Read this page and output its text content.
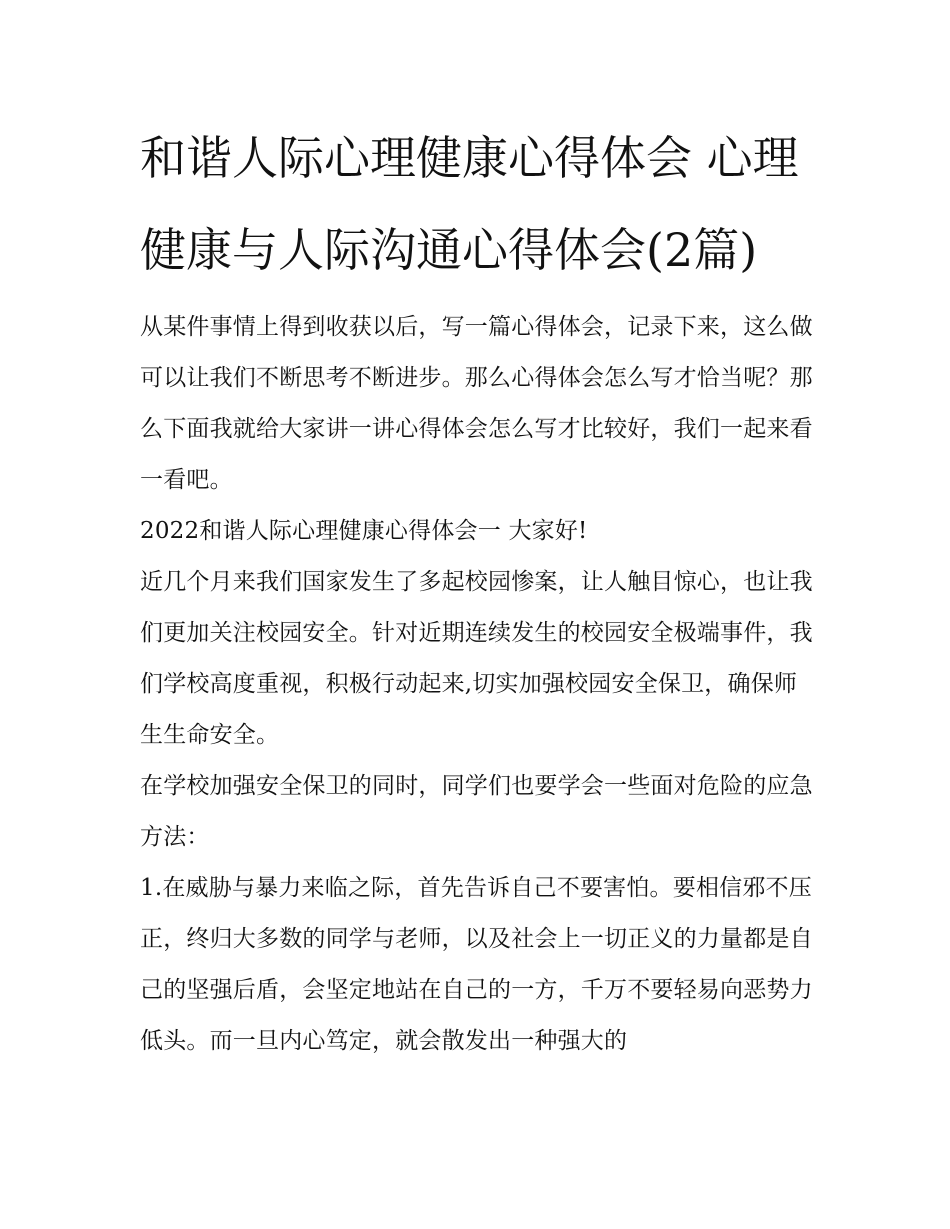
和谐人际心理健康心得体会 心理健康与人际沟通心得体会(2篇)

从某件事情上得到收获以后，写一篇心得体会，记录下来，这么做可以让我们不断思考不断进步。那么心得体会怎么写才恰当呢？那么下面我就给大家讲一讲心得体会怎么写才比较好，我们一起来看一看吧。

2022和谐人际心理健康心得体会一 大家好!

近几个月来我们国家发生了多起校园惨案，让人触目惊心，也让我们更加关注校园安全。针对近期连续发生的校园安全极端事件，我们学校高度重视，积极行动起来,切实加强校园安全保卫，确保师生生命安全。

在学校加强安全保卫的同时，同学们也要学会一些面对危险的应急方法：

1.在威胁与暴力来临之际，首先告诉自己不要害怕。要相信邪不压正，终归大多数的同学与老师，以及社会上一切正义的力量都是自己的坚强后盾，会坚定地站在自己的一方，千万不要轻易向恶势力低头。而一旦内心笃定，就会散发出一种强大的
